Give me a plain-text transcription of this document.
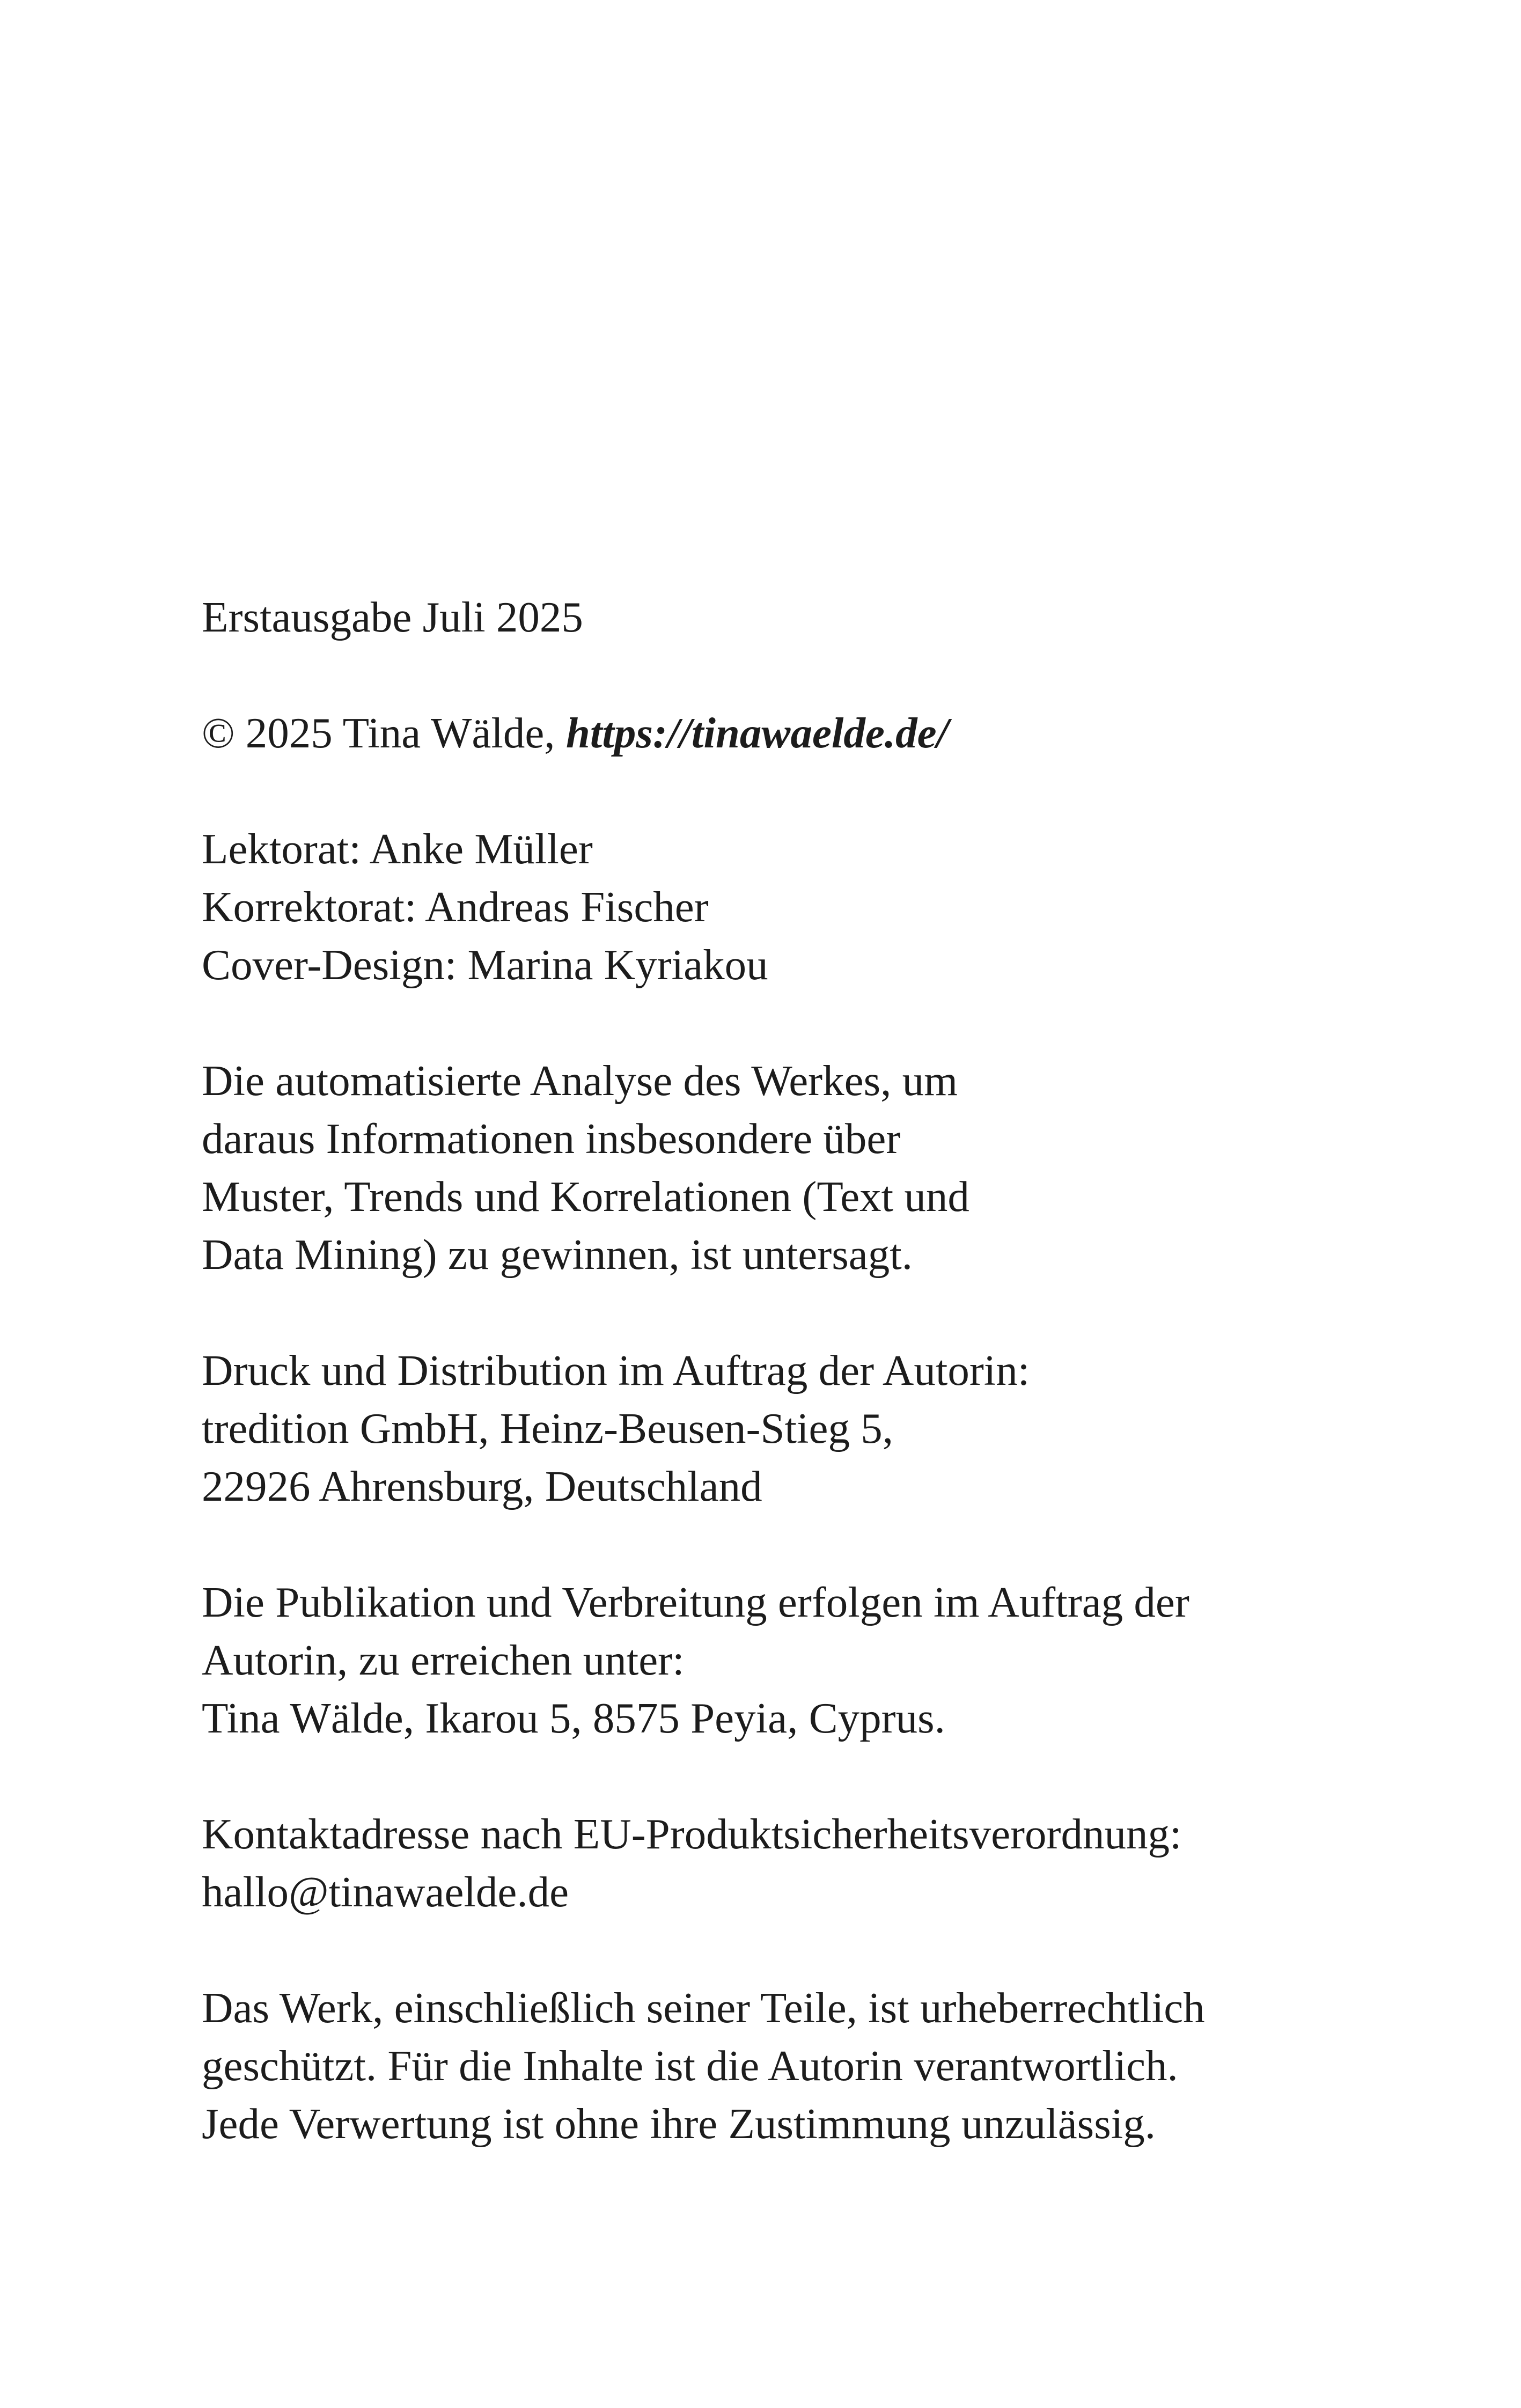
Erstausgabe Juli 2025
© 2025 Tina Wälde, https://tinawaelde.de/
Lektorat: Anke Müller
Korrektorat: Andreas Fischer
Cover-Design: Marina Kyriakou
Die automatisierte Analyse des Werkes, um
daraus Informationen insbesondere über
Muster, Trends und Korrelationen (Text und
Data Mining) zu gewinnen, ist untersagt.
Druck und Distribution im Auftrag der Autorin:
tredition GmbH, Heinz-Beusen-Stieg 5,
22926 Ahrensburg, Deutschland
Die Publikation und Verbreitung erfolgen im Auftrag der
Autorin, zu erreichen unter:
Tina Wälde, Ikarou 5, 8575 Peyia, Cyprus.
Kontaktadresse nach EU-Produktsicherheitsverordnung:
hallo@tinawaelde.de
Das Werk, einschließlich seiner Teile, ist urheberrechtlich
geschützt. Für die Inhalte ist die Autorin verantwortlich.
Jede Verwertung ist ohne ihre Zustimmung unzulässig.
